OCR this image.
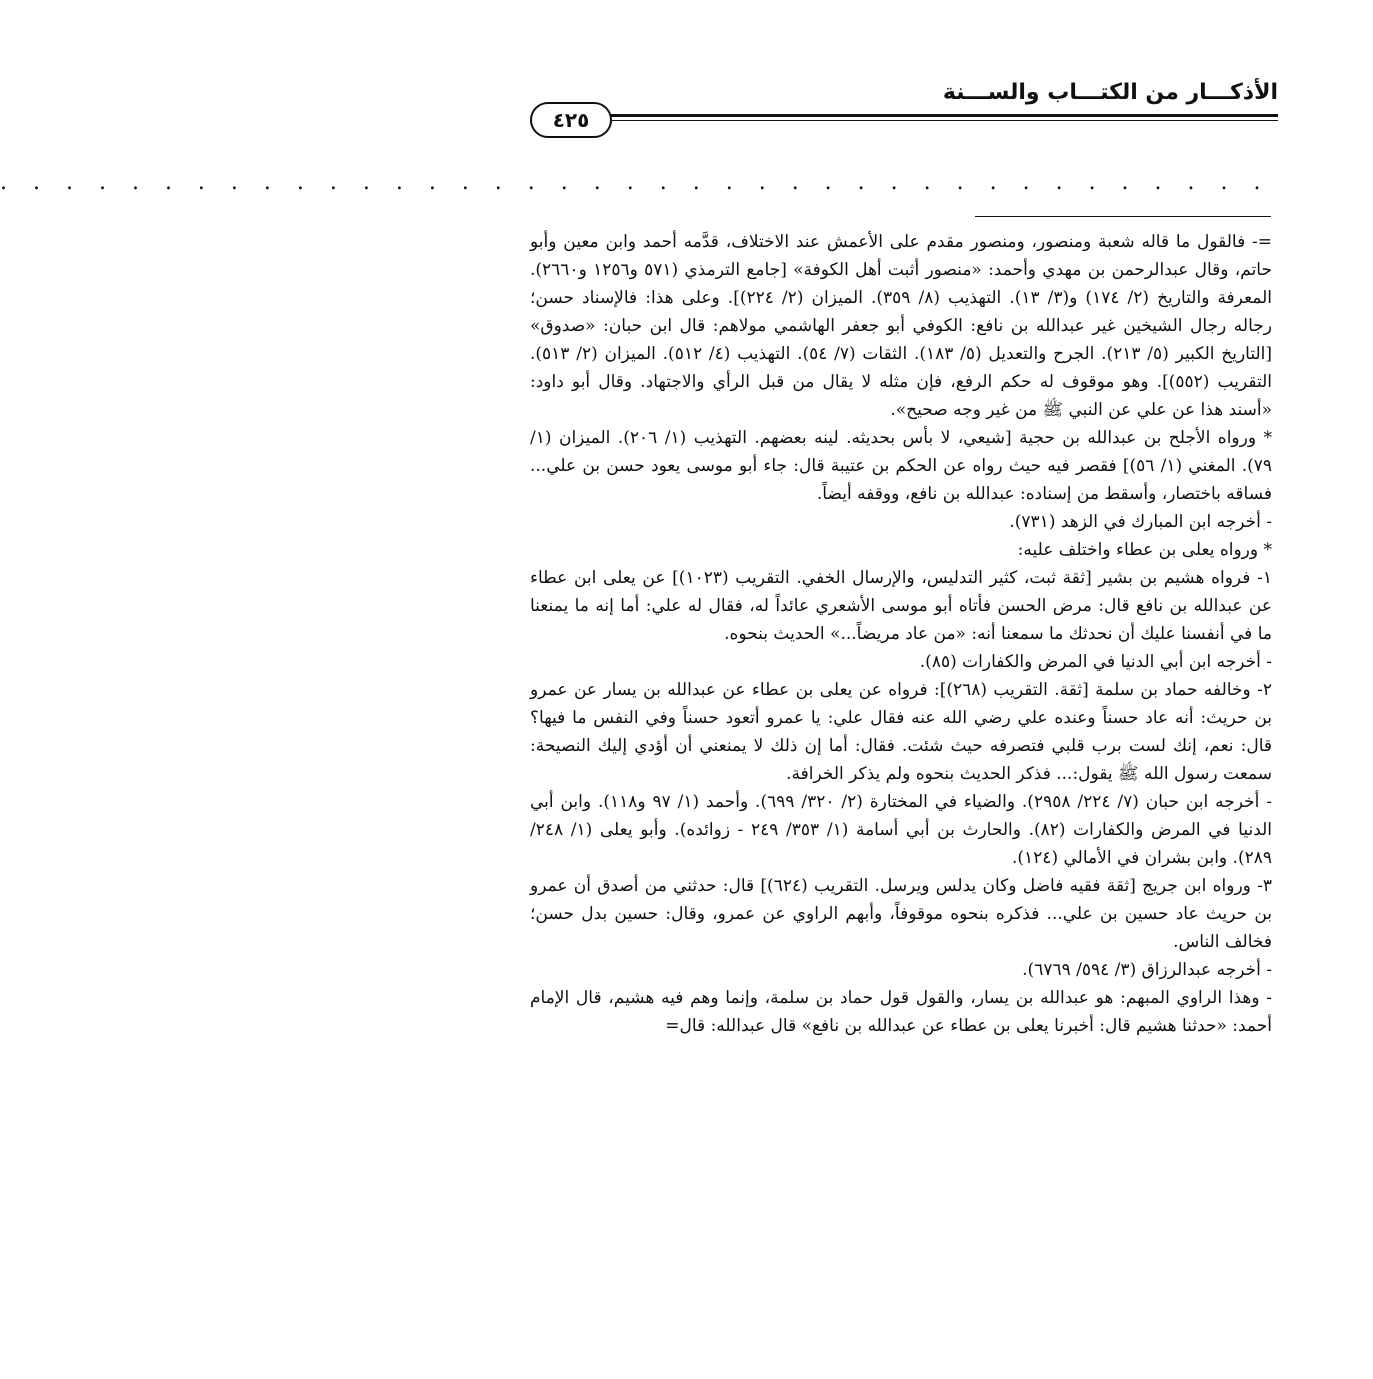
الأذكـــار من الكتـــاب والســـنة
٤٢٥
. . . . . . . . . . . . . . . . . . . . . . . . . . . . . . . . . . . . . . .

=- فالقول ما قاله شعبة ومنصور، ومنصور مقدم على الأعمش عند الاختلاف، قدَّمه أحمد وابن معين وأبو حاتم، وقال عبدالرحمن بن مهدي وأحمد: «منصور أثبت أهل الكوفة» [جامع الترمذي (٥٧١ و١٢٥٦ و٢٦٦٠). المعرفة والتاريخ (٢/ ١٧٤) و(٣/ ١٣). التهذيب (٨/ ٣٥٩). الميزان (٢/ ٢٢٤)]. وعلى هذا: فالإسناد حسن؛ رجاله رجال الشيخين غير عبدالله بن نافع: الكوفي أبو جعفر الهاشمي مولاهم: قال ابن حبان: «صدوق» [التاريخ الكبير (٥/ ٢١٣). الجرح والتعديل (٥/ ١٨٣). الثقات (٧/ ٥٤). التهذيب (٤/ ٥١٢). الميزان (٢/ ٥١٣). التقريب (٥٥٢)]. وهو موقوف له حكم الرفع، فإن مثله لا يقال من قبل الرأي والاجتهاد. وقال أبو داود: «أسند هذا عن علي عن النبي ﷺ من غير وجه صحيح».

* ورواه الأجلح بن عبدالله بن حجية [شيعي، لا بأس بحديثه. لينه بعضهم. التهذيب (١/ ٢٠٦). الميزان (١/ ٧٩). المغني (١/ ٥٦)] فقصر فيه حيث رواه عن الحكم بن عتيبة قال: جاء أبو موسى يعود حسن بن علي... فساقه باختصار، وأسقط من إسناده: عبدالله بن نافع، ووقفه أيضاً.

- أخرجه ابن المبارك في الزهد (٧٣١).

* ورواه يعلى بن عطاء واختلف عليه:

١- فرواه هشيم بن بشير [ثقة ثبت، كثير التدليس، والإرسال الخفي. التقريب (١٠٢٣)] عن يعلى ابن عطاء عن عبدالله بن نافع قال: مرض الحسن فأتاه أبو موسى الأشعري عائداً له، فقال له علي: أما إنه ما يمنعنا ما في أنفسنا عليك أن نحدثك ما سمعنا أنه: «من عاد مريضاً...» الحديث بنحوه.

- أخرجه ابن أبي الدنيا في المرض والكفارات (٨٥).

٢- وخالفه حماد بن سلمة [ثقة. التقريب (٢٦٨)]: فرواه عن يعلى بن عطاء عن عبدالله بن يسار عن عمرو بن حريث: أنه عاد حسناً وعنده علي رضي الله عنه فقال علي: يا عمرو أتعود حسناً وفي النفس ما فيها؟ قال: نعم، إنك لست برب قلبي فتصرفه حيث شئت. فقال: أما إن ذلك لا يمنعني أن أؤدي إليك النصيحة: سمعت رسول الله ﷺ يقول:... فذكر الحديث بنحوه ولم يذكر الخرافة.

- أخرجه ابن حبان (٧/ ٢٢٤/ ٢٩٥٨). والضياء في المختارة (٢/ ٣٢٠/ ٦٩٩). وأحمد (١/ ٩٧ و١١٨). وابن أبي الدنيا في المرض والكفارات (٨٢). والحارث بن أبي أسامة (١/ ٣٥٣/ ٢٤٩ - زوائده). وأبو يعلى (١/ ٢٤٨/ ٢٨٩). وابن بشران في الأمالي (١٢٤).

٣- ورواه ابن جريج [ثقة فقيه فاضل وكان يدلس ويرسل. التقريب (٦٢٤)] قال: حدثني من أصدق أن عمرو بن حريث عاد حسين بن علي... فذكره بنحوه موقوفاً، وأبهم الراوي عن عمرو، وقال: حسين بدل حسن؛ فخالف الناس.

- أخرجه عبدالرزاق (٣/ ٥٩٤/ ٦٧٦٩).

- وهذا الراوي المبهم: هو عبدالله بن يسار، والقول قول حماد بن سلمة، وإنما وهم فيه هشيم، قال الإمام أحمد: «حدثنا هشيم قال: أخبرنا يعلى بن عطاء عن عبدالله بن نافع» قال عبدالله: قال=
